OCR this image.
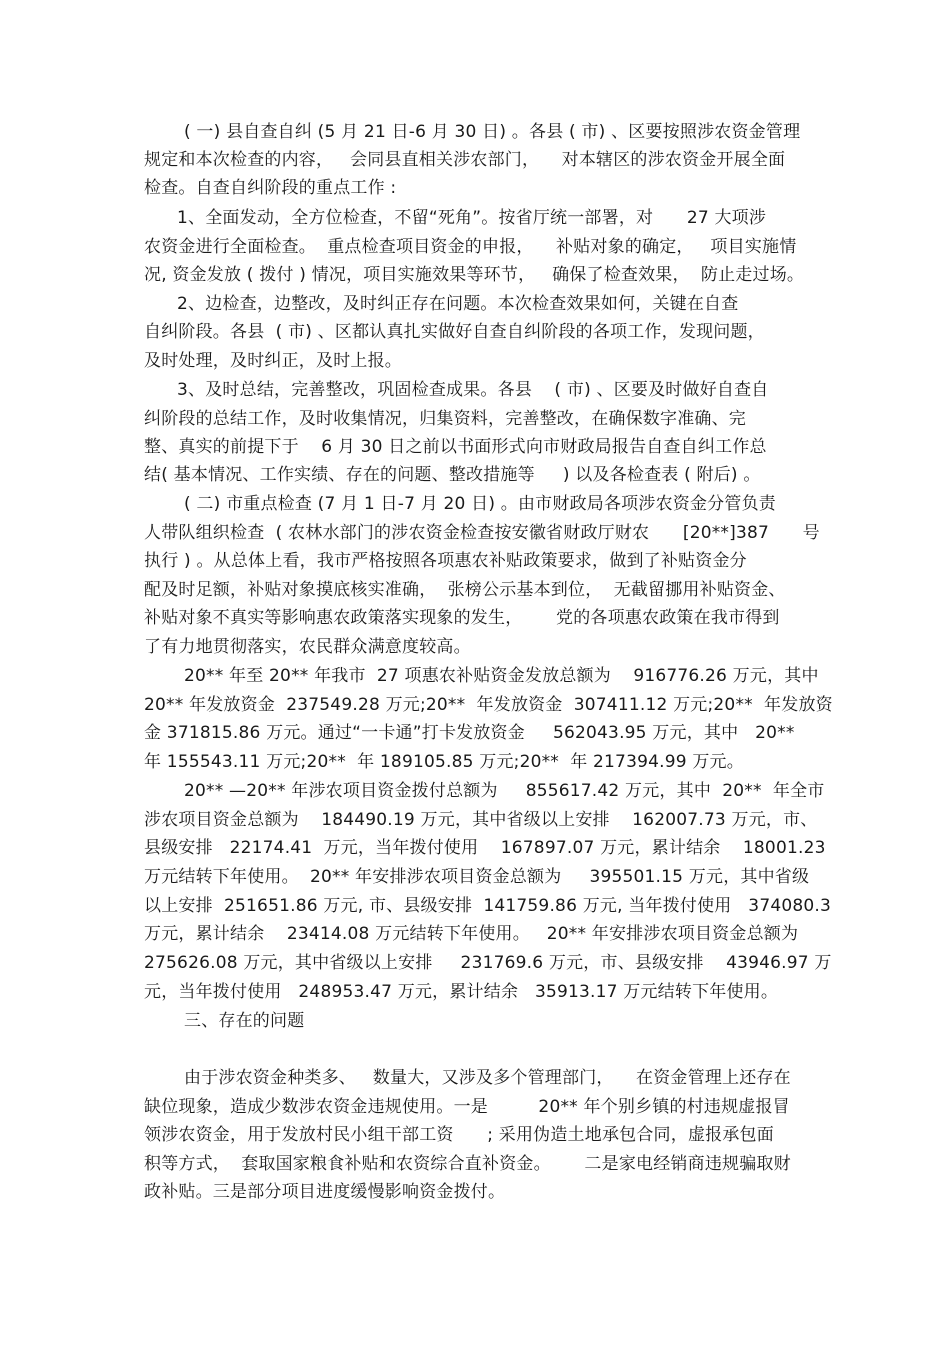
( 一) 县自查自纠 (5 月 21 日-6 月 30 日) 。各县 ( 市) 、区要按照涉农资金管理
规定和本次检查的内容，   会同县直相关涉农部门，    对本辖区的涉农资金开展全面
检查。自查自纠阶段的重点工作 :
1、全面发动，全方位检查，不留“死角”。按省厅统一部署，对      27 大项涉
农资金进行全面检查。  重点检查项目资金的申报，    补贴对象的确定，   项目实施情
况, 资金发放 ( 拨付 ) 情况，项目实施效果等环节，   确保了检查效果，  防止走过场。
2、边检查，边整改，及时纠正存在问题。本次检查效果如何，关键在自查
自纠阶段。各县  ( 市) 、区都认真扎实做好自查自纠阶段的各项工作，发现问题，
及时处理，及时纠正，及时上报。
3、及时总结，完善整改，巩固检查成果。各县    ( 市) 、区要及时做好自查自
纠阶段的总结工作，及时收集情况，归集资料，完善整改，在确保数字准确、完
整、真实的前提下于    6 月 30 日之前以书面形式向市财政局报告自查自纠工作总
结( 基本情况、工作实绩、存在的问题、整改措施等     ) 以及各检查表 ( 附后) 。
( 二) 市重点检查 (7 月 1 日-7 月 20 日) 。由市财政局各项涉农资金分管负责
人带队组织检查  ( 农林水部门的涉农资金检查按安徽省财政厅财农      [20**]387      号
执行 ) 。从总体上看，我市严格按照各项惠农补贴政策要求，做到了补贴资金分
配及时足额，补贴对象摸底核实准确，  张榜公示基本到位，  无截留挪用补贴资金、
补贴对象不真实等影响惠农政策落实现象的发生，      党的各项惠农政策在我市得到
了有力地贯彻落实，农民群众满意度较高。
20** 年至 20** 年我市  27 项惠农补贴资金发放总额为    916776.26 万元，其中
20** 年发放资金  237549.28 万元;20**  年发放资金  307411.12 万元;20**  年发放资
金 371815.86 万元。通过“一卡通”打卡发放资金     562043.95 万元，其中   20**
年 155543.11 万元;20**  年 189105.85 万元;20**  年 217394.99 万元。
20** —20** 年涉农项目资金拨付总额为     855617.42 万元，其中  20**  年全市
涉农项目资金总额为    184490.19 万元，其中省级以上安排    162007.73 万元，市、
县级安排   22174.41  万元，当年拨付使用    167897.07 万元，累计结余    18001.23
万元结转下年使用。  20** 年安排涉农项目资金总额为     395501.15 万元，其中省级
以上安排  251651.86 万元, 市、县级安排  141759.86 万元, 当年拨付使用   374080.3
万元，累计结余    23414.08 万元结转下年使用。   20** 年安排涉农项目资金总额为
275626.08 万元，其中省级以上安排     231769.6 万元，市、县级安排    43946.97 万
元，当年拨付使用   248953.47 万元，累计结余   35913.17 万元结转下年使用。
三、存在的问题
由于涉农资金种类多、   数量大，又涉及多个管理部门，    在资金管理上还存在
缺位现象，造成少数涉农资金违规使用。一是         20** 年个别乡镇的村违规虚报冒
领涉农资金，用于发放村民小组干部工资      ; 采用伪造土地承包合同，虚报承包面
积等方式，  套取国家粮食补贴和农资综合直补资金。      二是家电经销商违规骗取财
政补贴。三是部分项目进度缓慢影响资金拨付。
